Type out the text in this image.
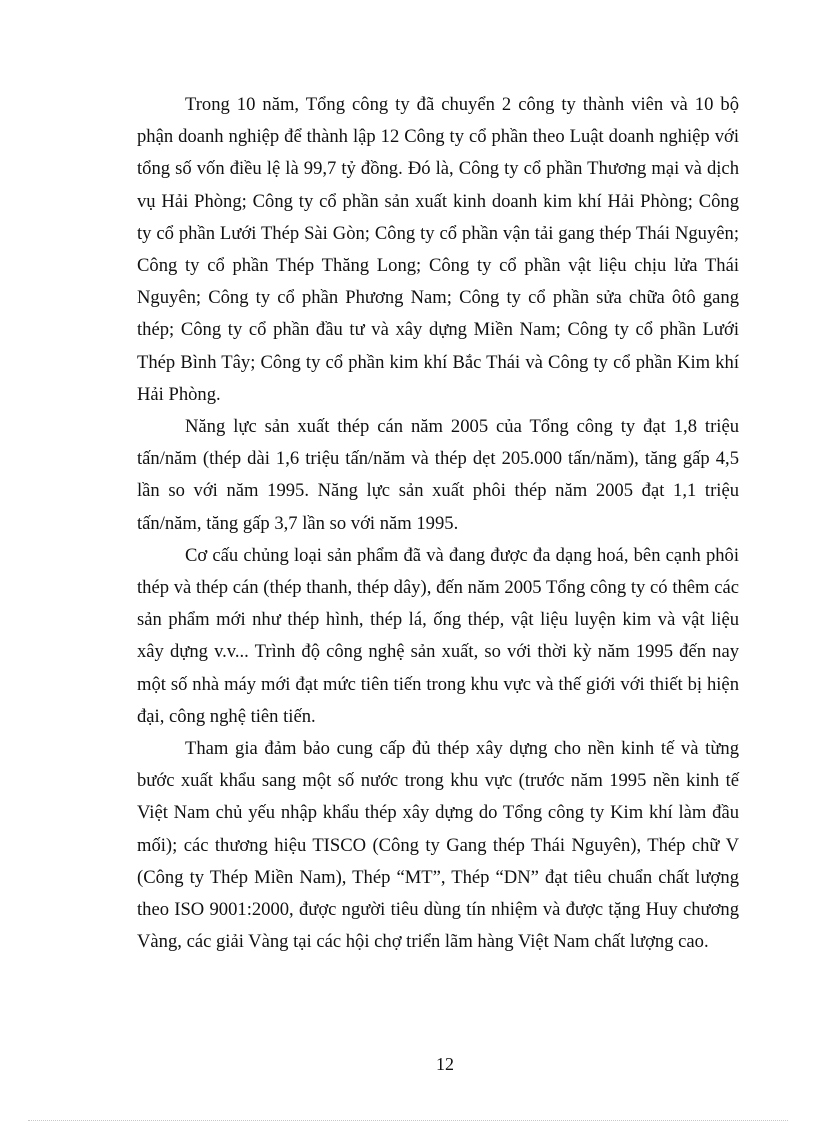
Trong 10 năm, Tổng công ty đã chuyển 2 công ty thành viên và 10 bộ phận doanh nghiệp để thành lập 12 Công ty cổ phần theo Luật doanh nghiệp với tổng số vốn điều lệ là 99,7 tỷ đồng. Đó là, Công ty cổ phần Thương mại và dịch vụ Hải Phòng; Công ty cổ phần sản xuất kinh doanh kim khí Hải Phòng; Công ty cổ phần Lưới Thép Sài Gòn; Công ty cổ phần vận tải gang thép Thái Nguyên; Công ty cổ phần Thép Thăng Long; Công ty cổ phần vật liệu chịu lửa Thái Nguyên; Công ty cổ phần Phương Nam; Công ty cổ phần sửa chữa ôtô gang thép; Công ty cổ phần đầu tư và xây dựng Miền Nam; Công ty cổ phần Lưới Thép Bình Tây; Công ty cổ phần kim khí Bắc Thái và Công ty cổ phần Kim khí Hải Phòng.

Năng lực sản xuất thép cán năm 2005 của Tổng công ty đạt 1,8 triệu tấn/năm (thép dài 1,6 triệu tấn/năm và thép dẹt 205.000 tấn/năm), tăng gấp 4,5 lần so với năm 1995. Năng lực sản xuất phôi thép năm 2005 đạt 1,1 triệu tấn/năm, tăng gấp 3,7 lần so với năm 1995.

Cơ cấu chủng loại sản phẩm đã và đang được đa dạng hoá, bên cạnh phôi thép và thép cán (thép thanh, thép dây), đến năm 2005 Tổng công ty có thêm các sản phẩm mới như thép hình, thép lá, ống thép, vật liệu luyện kim và vật liệu xây dựng v.v... Trình độ công nghệ sản xuất, so với thời kỳ năm 1995 đến nay một số nhà máy mới đạt mức tiên tiến trong khu vực và thế giới với thiết bị hiện đại, công nghệ tiên tiến.

Tham gia đảm bảo cung cấp đủ thép xây dựng cho nền kinh tế và từng bước xuất khẩu sang một số nước trong khu vực (trước năm 1995 nền kinh tế Việt Nam chủ yếu nhập khẩu thép xây dựng do Tổng công ty Kim khí làm đầu mối); các thương hiệu TISCO (Công ty Gang thép Thái Nguyên), Thép chữ V (Công ty Thép Miền Nam), Thép “MT”, Thép “DN” đạt tiêu chuẩn chất lượng theo ISO 9001:2000, được người tiêu dùng tín nhiệm và được tặng Huy chương Vàng, các giải Vàng tại các hội chợ triển lãm hàng Việt Nam chất lượng cao.

12
